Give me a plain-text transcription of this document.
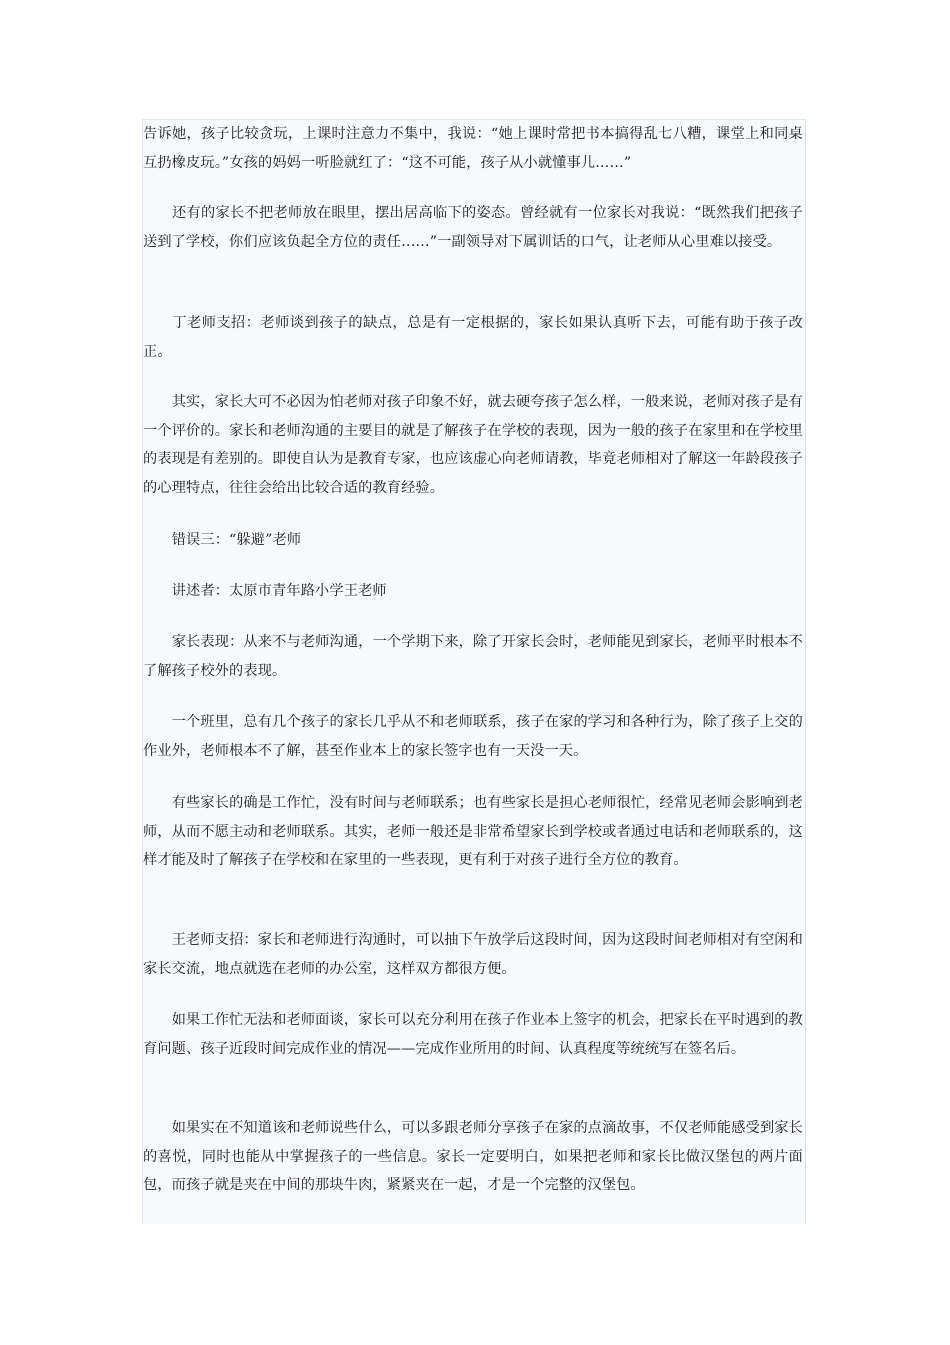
告诉她，孩子比较贪玩，上课时注意力不集中，我说：“她上课时常把书本搞得乱七八糟，课堂上和同桌互扔橡皮玩。”女孩的妈妈一听脸就红了：“这不可能，孩子从小就懂事儿……”

　　还有的家长不把老师放在眼里，摆出居高临下的姿态。曾经就有一位家长对我说：“既然我们把孩子送到了学校，你们应该负起全方位的责任……”一副领导对下属训话的口气，让老师从心里难以接受。

　　丁老师支招：老师谈到孩子的缺点，总是有一定根据的，家长如果认真听下去，可能有助于孩子改正。

　　其实，家长大可不必因为怕老师对孩子印象不好，就去硬夸孩子怎么样，一般来说，老师对孩子是有一个评价的。家长和老师沟通的主要目的就是了解孩子在学校的表现，因为一般的孩子在家里和在学校里的表现是有差别的。即使自认为是教育专家，也应该虚心向老师请教，毕竟老师相对了解这一年龄段孩子的心理特点，往往会给出比较合适的教育经验。

　　错误三：“躲避”老师

　　讲述者：太原市青年路小学王老师

　　家长表现：从来不与老师沟通，一个学期下来，除了开家长会时，老师能见到家长，老师平时根本不了解孩子校外的表现。

　　一个班里，总有几个孩子的家长几乎从不和老师联系，孩子在家的学习和各种行为，除了孩子上交的作业外，老师根本不了解，甚至作业本上的家长签字也有一天没一天。

　　有些家长的确是工作忙，没有时间与老师联系；也有些家长是担心老师很忙，经常见老师会影响到老师，从而不愿主动和老师联系。其实，老师一般还是非常希望家长到学校或者通过电话和老师联系的，这样才能及时了解孩子在学校和在家里的一些表现，更有利于对孩子进行全方位的教育。

　　王老师支招：家长和老师进行沟通时，可以抽下午放学后这段时间，因为这段时间老师相对有空闲和家长交流，地点就选在老师的办公室，这样双方都很方便。

　　如果工作忙无法和老师面谈，家长可以充分利用在孩子作业本上签字的机会，把家长在平时遇到的教育问题、孩子近段时间完成作业的情况——完成作业所用的时间、认真程度等统统写在签名后。

　　如果实在不知道该和老师说些什么，可以多跟老师分享孩子在家的点滴故事，不仅老师能感受到家长的喜悦，同时也能从中掌握孩子的一些信息。家长一定要明白，如果把老师和家长比做汉堡包的两片面包，而孩子就是夹在中间的那块牛肉，紧紧夹在一起，才是一个完整的汉堡包。
